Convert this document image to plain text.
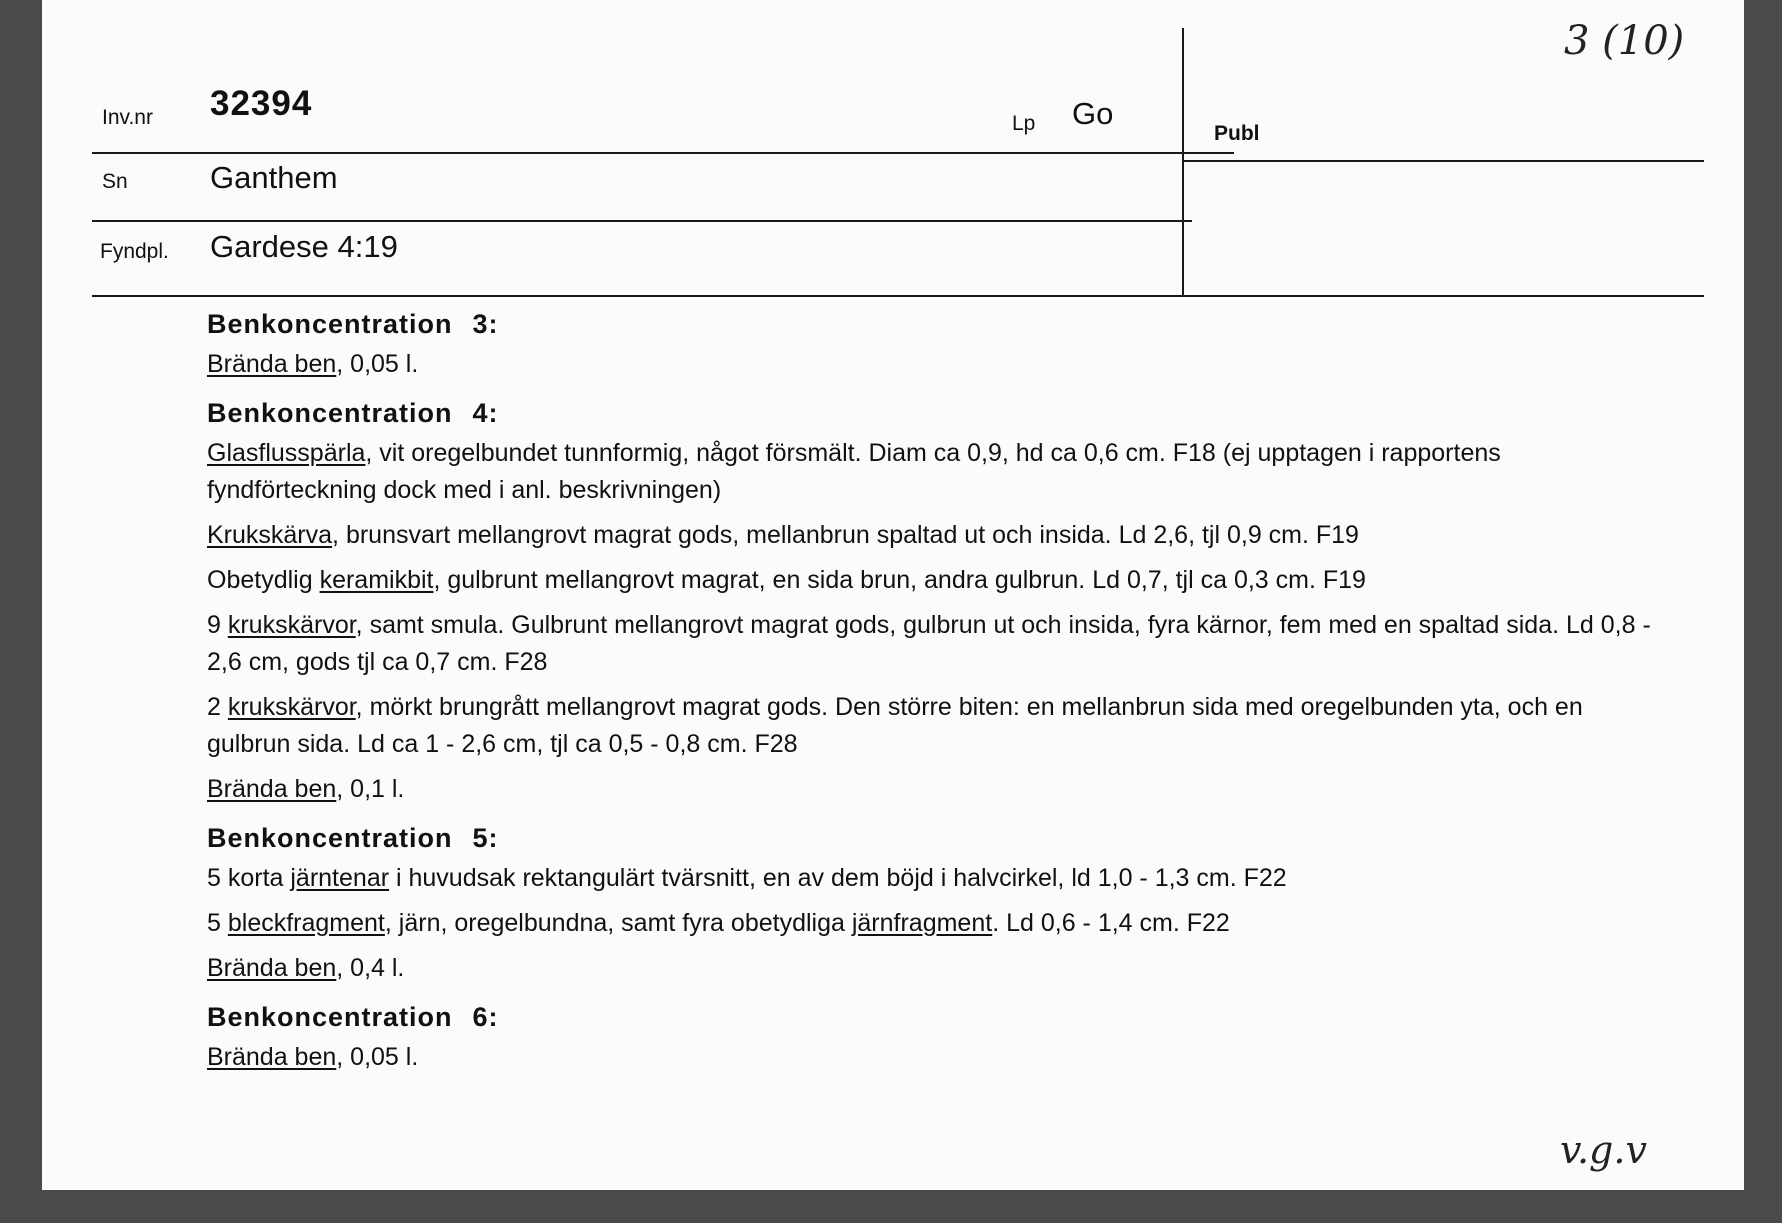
3 (10)
Inv.nr 32394
Lp Go
Publ
Sn	Ganthem
Fyndpl. Gardese 4:19
Benkoncentration 3:
Brända ben, 0,05 l.
Benkoncentration 4:
Glasflusspärla, vit oregelbundet tunnformig, något försmält. Diam ca 0,9, hd ca 0,6 cm. F18 (ej upptagen i rapportens fyndförteckning dock med i anl. beskrivningen)
Krukskärva, brunsvart mellangrovt magrat gods, mellanbrun spaltad ut och insida. Ld 2,6, tjl 0,9 cm. F19
Obetydlig keramikbit, gulbrunt mellangrovt magrat, en sida brun, andra gulbrun. Ld 0,7, tjl ca 0,3 cm. F19
9 krukskärvor, samt smula. Gulbrunt mellangrovt magrat gods, gulbrun ut och insida, fyra kärnor, fem med en spaltad sida. Ld 0,8 - 2,6 cm, gods tjl ca 0,7 cm. F28
2 krukskärvor, mörkt brungrått mellangrovt magrat gods. Den större biten: en mellanbrun sida med oregelbunden yta, och en gulbrun sida. Ld ca 1 - 2,6 cm, tjl ca 0,5 - 0,8 cm. F28
Brända ben, 0,1 l.
Benkoncentration 5:
5 korta järntenar i huvudsak rektangulärt tvärsnitt, en av dem böjd i halvcirkel, ld 1,0 - 1,3 cm. F22
5 bleckfragment, järn, oregelbundna, samt fyra obetydliga järnfragment. Ld 0,6 - 1,4 cm. F22
Brända ben, 0,4 l.
Benkoncentration 6:
Brända ben, 0,05 l.
v.g.v
